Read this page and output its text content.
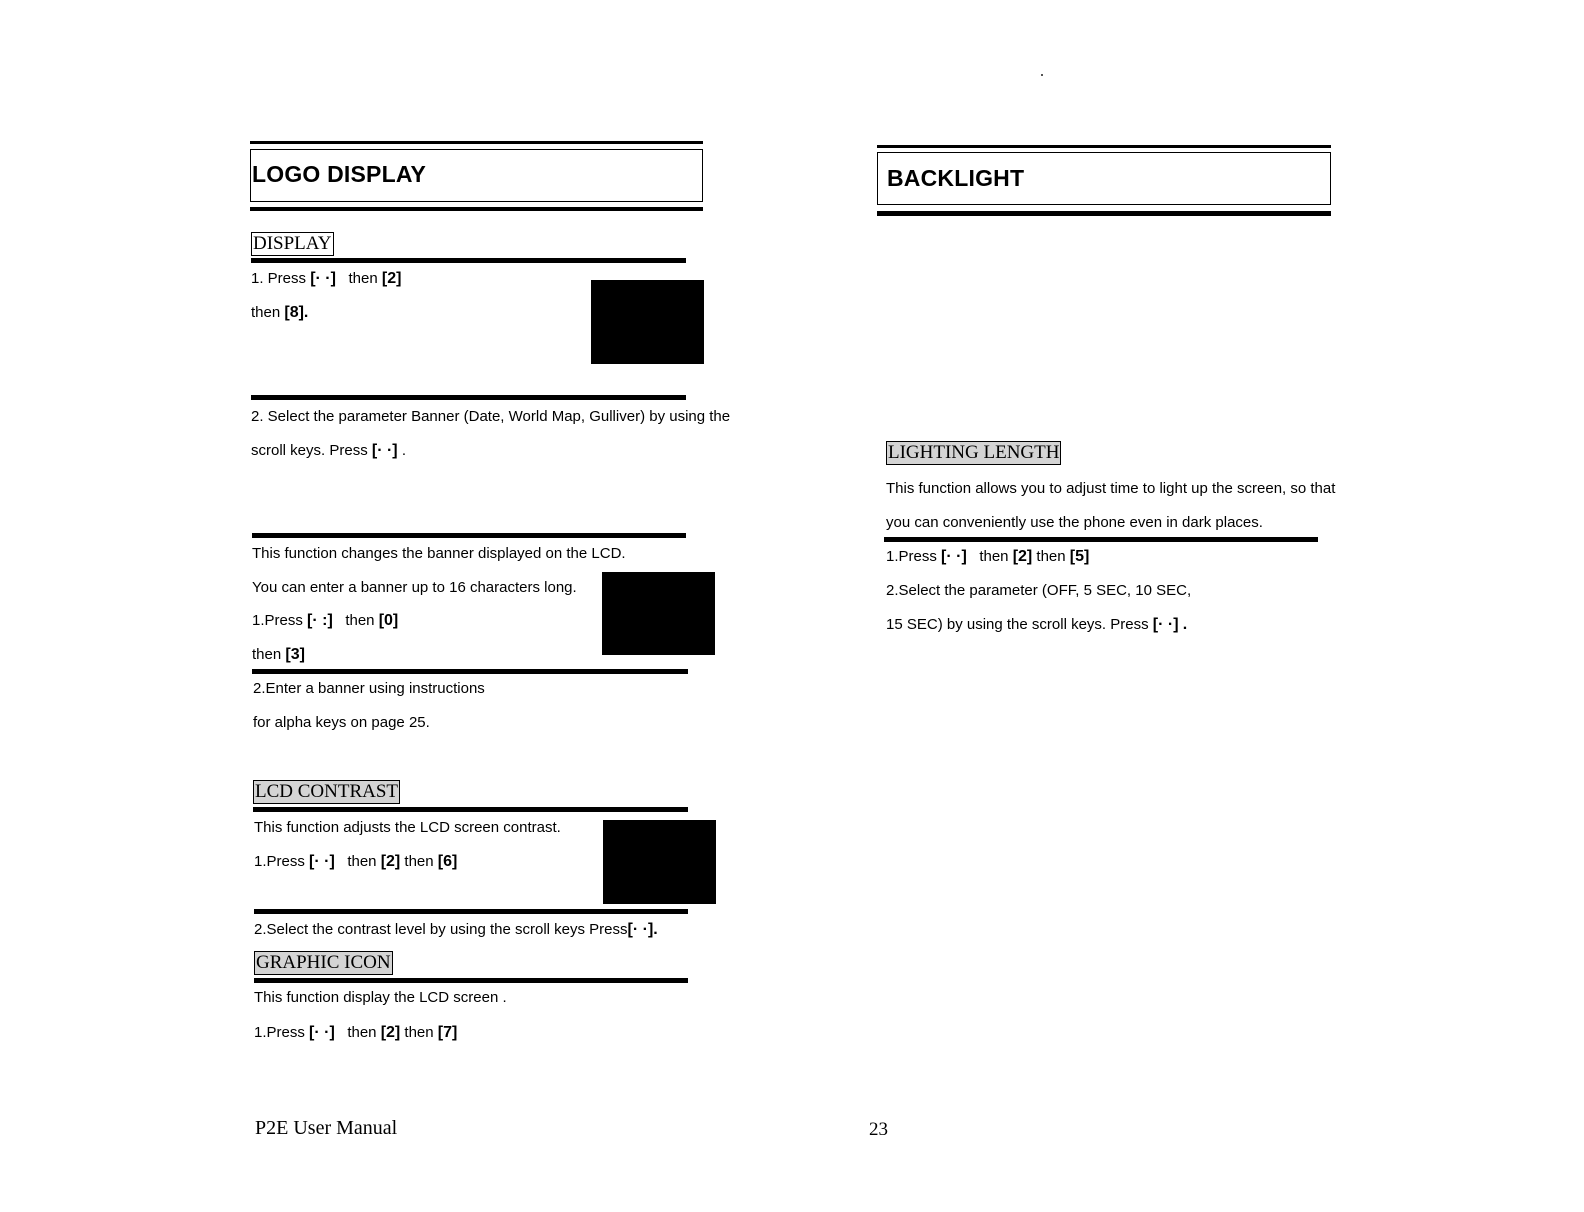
LOGO DISPLAY
DISPLAY
1. Press [· ·] then [2]
then [8].
2. Select the parameter Banner (Date, World Map, Gulliver) by using the
scroll keys. Press [· ·] .
This function changes the banner displayed on the LCD.
You can enter a banner up to 16 characters long.
1.Press [· :] then [0]
then [3]
2.Enter a banner using instructions
for alpha keys on page 25.
LCD CONTRAST
This function adjusts the LCD screen contrast.
1.Press [· ·] then [2] then [6]
2.Select the contrast level by using the scroll keys Press[· ·].
GRAPHIC ICON
This function display the LCD screen .
1.Press [· ·] then [2] then [7]
BACKLIGHT
LIGHTING LENGTH
This function allows you to adjust time to light up the screen, so that
you can conveniently use the phone even in dark places.
1.Press [· ·] then [2] then [5]
2.Select the parameter (OFF, 5 SEC, 10 SEC,
15 SEC) by using the scroll keys. Press [· ·] .
P2E User Manual	23
